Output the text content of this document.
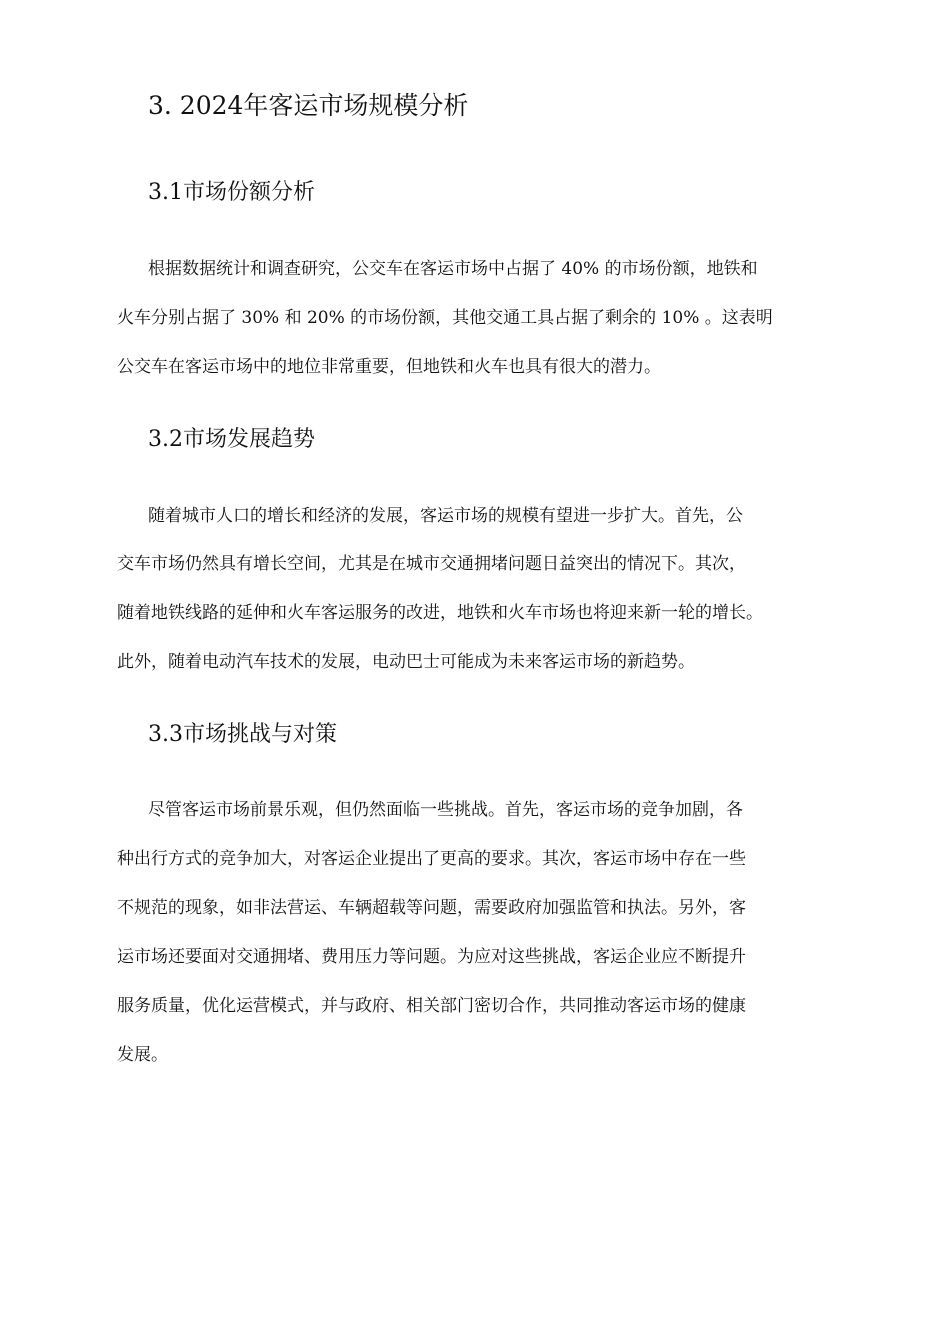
3. 2024年客运市场规模分析
3.1市场份额分析
根据数据统计和调查研究，公交车在客运市场中占据了 40% 的市场份额，地铁和
火车分别占据了 30% 和 20% 的市场份额，其他交通工具占据了剩余的 10% 。这表明
公交车在客运市场中的地位非常重要，但地铁和火车也具有很大的潜力。
3.2市场发展趋势
随着城市人口的增长和经济的发展，客运市场的规模有望进一步扩大。首先，公
交车市场仍然具有增长空间，尤其是在城市交通拥堵问题日益突出的情况下。其次，
随着地铁线路的延伸和火车客运服务的改进，地铁和火车市场也将迎来新一轮的增长。
此外，随着电动汽车技术的发展，电动巴士可能成为未来客运市场的新趋势。
3.3市场挑战与对策
尽管客运市场前景乐观，但仍然面临一些挑战。首先，客运市场的竞争加剧，各
种出行方式的竞争加大，对客运企业提出了更高的要求。其次，客运市场中存在一些
不规范的现象，如非法营运、车辆超载等问题，需要政府加强监管和执法。另外，客
运市场还要面对交通拥堵、费用压力等问题。为应对这些挑战，客运企业应不断提升
服务质量，优化运营模式，并与政府、相关部门密切合作，共同推动客运市场的健康
发展。
